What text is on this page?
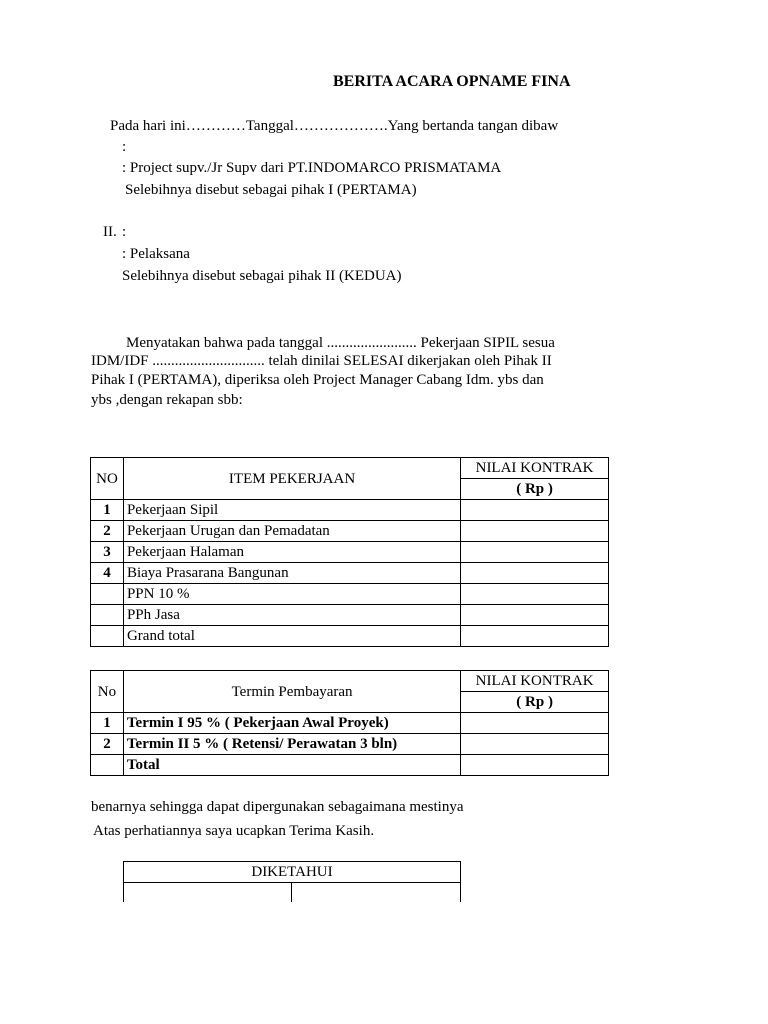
BERITA ACARA OPNAME FINA
Pada hari ini…………Tanggal……………….Yang bertanda tangan dibaw
:
: Project supv./Jr Supv dari PT.INDOMARCO PRISMATAMA
Selebihnya disebut sebagai pihak I (PERTAMA)
II. :
: Pelaksana
Selebihnya disebut sebagai pihak II (KEDUA)
Menyatakan bahwa pada tanggal ........................ Pekerjaan SIPIL sesua
IDM/IDF .............................. telah dinilai SELESAI dikerjakan oleh Pihak II
Pihak I (PERTAMA), diperiksa oleh Project Manager Cabang Idm. ybs dan
ybs ,dengan rekapan sbb:
NO	ITEM PEKERJAAN	NILAI KONTRAK
		( Rp )
1	Pekerjaan Sipil	
2	Pekerjaan Urugan dan Pemadatan	
3	Pekerjaan Halaman	
4	Biaya Prasarana Bangunan	
	PPN 10 %	
	PPh Jasa	
	Grand total	
No	Termin Pembayaran	NILAI KONTRAK
		( Rp )
1	Termin I 95 % ( Pekerjaan Awal Proyek)	
2	Termin II 5 % ( Retensi/ Perawatan 3 bln)	
	Total	
benarnya sehingga dapat dipergunakan sebagaimana mestinya
Atas perhatiannya saya ucapkan Terima Kasih.
DIKETAHUI
